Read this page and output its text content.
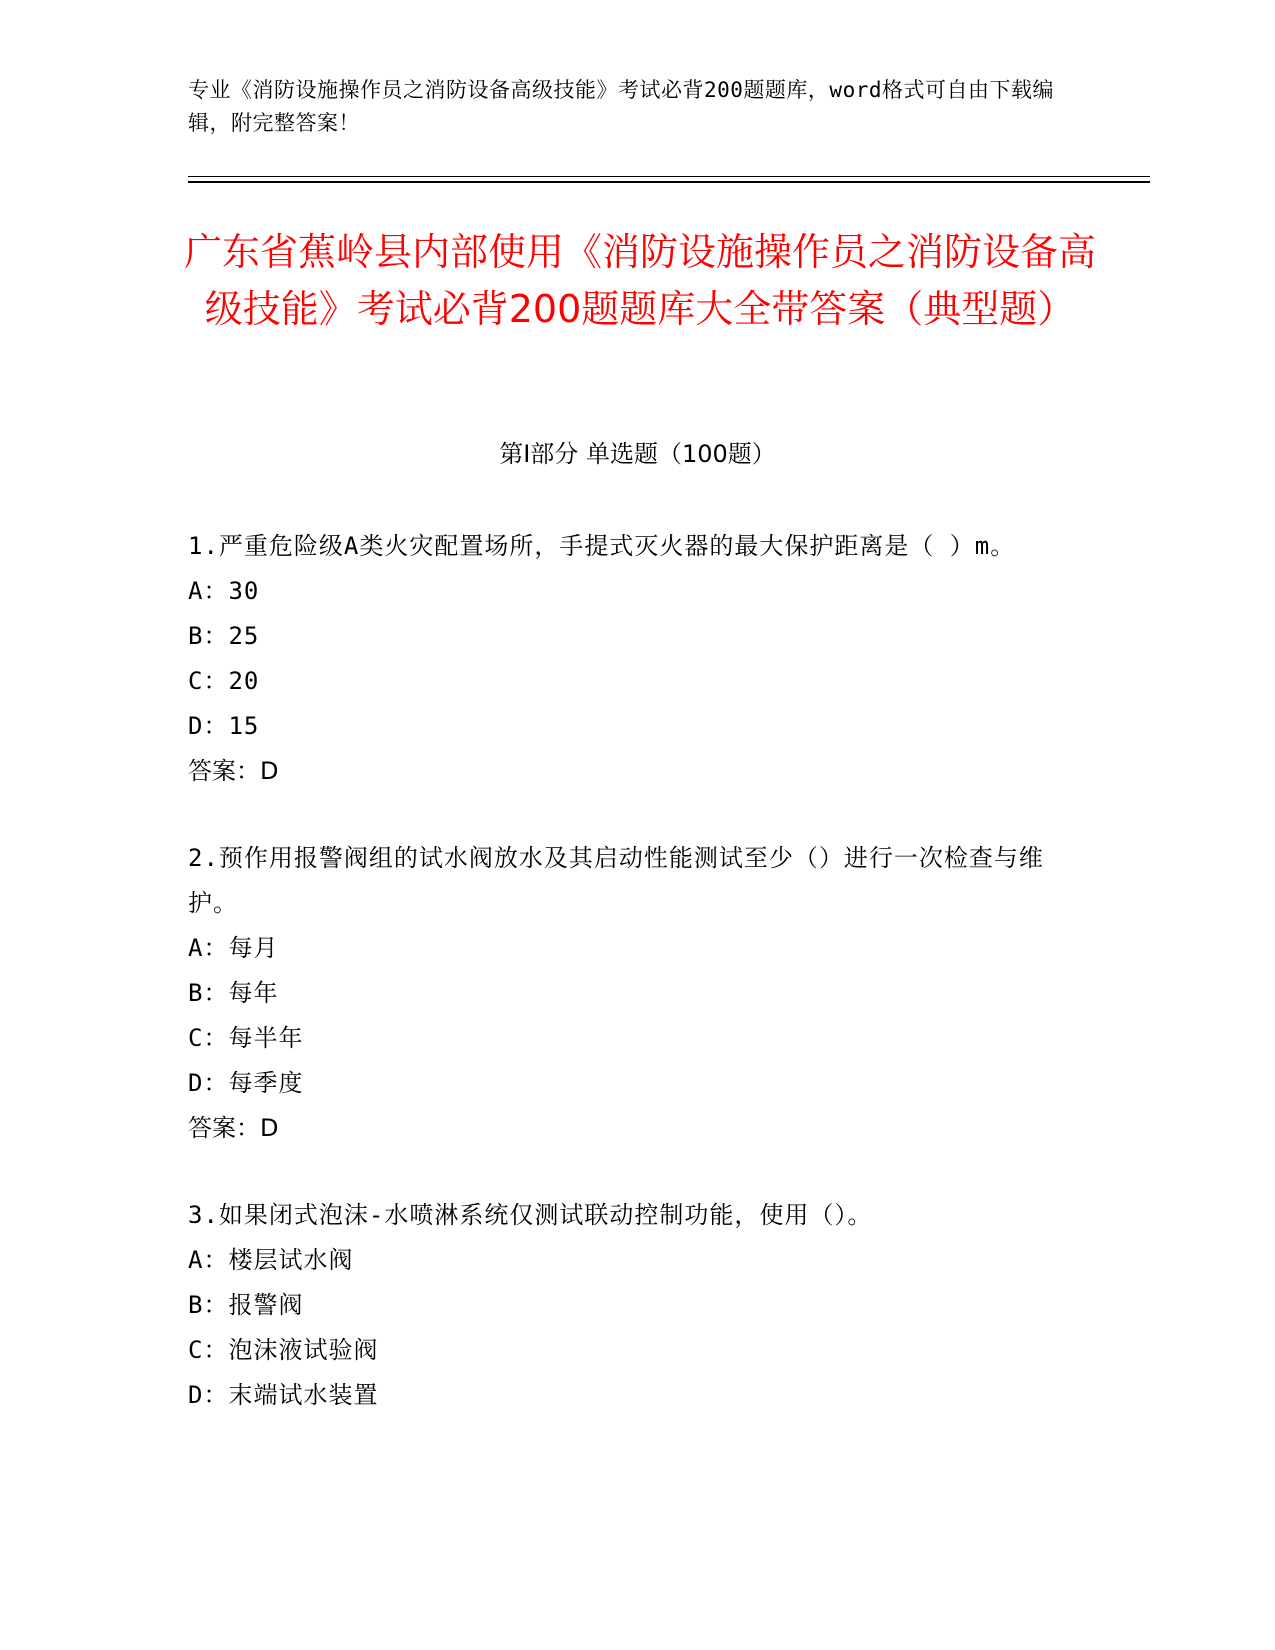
专业《消防设施操作员之消防设备高级技能》考试必背200题题库，word格式可自由下载编辑，附完整答案！
广东省蕉岭县内部使用《消防设施操作员之消防设备高级技能》考试必背200题题库大全带答案（典型题）
第Ⅰ部分 单选题（100题）
1.严重危险级A类火灾配置场所，手提式灭火器的最大保护距离是（ ）m。
A：30
B：25
C：20
D：15
答案：D
2.预作用报警阀组的试水阀放水及其启动性能测试至少（）进行一次检查与维护。
A：每月
B：每年
C：每半年
D：每季度
答案：D
3.如果闭式泡沫-水喷淋系统仅测试联动控制功能，使用（）。
A：楼层试水阀
B：报警阀
C：泡沫液试验阀
D：末端试水装置
